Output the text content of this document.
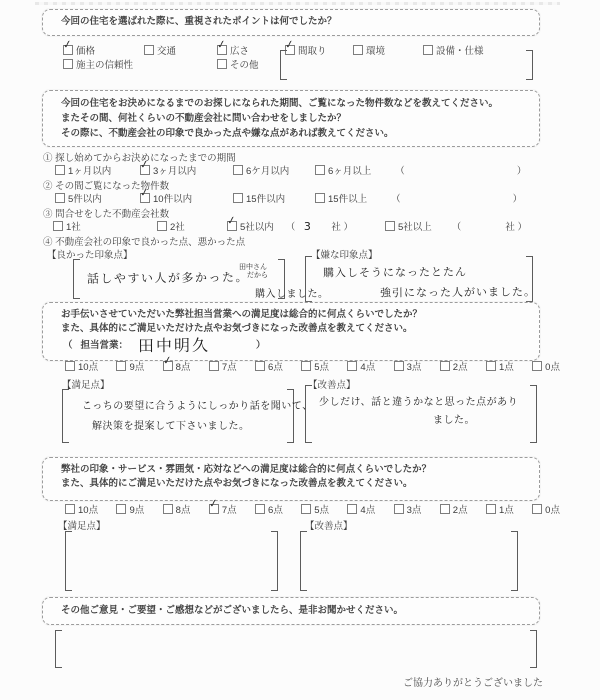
今回の住宅を選ばれた際に、重視されたポイントは何でしたか？
✓
価格	交通 ✓	広さ ✓	間取り	環境	設備・仕様
施主の信頼性	その他
今回の住宅をお決めになるまでのお探しになられた期間、ご覧になった物件数などを教えてください。
またその間、何社くらいの不動産会社に問い合わせをしましたか？
その際に、不動産会社の印象で良かった点や嫌な点があれば教えてください。
① 探し始めてからお決めになったまでの期間
1ヶ月以内 ✓	3ヶ月以内	6ケ月以内	6ヶ月以上	（	）
② その間ご覧になった物件数
5件以内 ✓	10件以内	15件以内	15件以上	（	）
③ 問合せをした不動産会社数
1社	2社 ✓	5社以内 （ 3	社 ）	5社以上 （	社 ）
④ 不動産会社の印象で良かった点、悪かった点
【良かった印象点】	【嫌な印象点】
話しやすい人が多かった。
田中さん
だから
購入しました。
購入しそうになったとたん
強引になった人がいました。
お手伝いさせていただいた弊社担当営業への満足度は総合的に何点くらいでしたか？
また、具体的にご満足いただけた点やお気づきになった改善点を教えてください。
（ 担当営業： 田中明久	）
10点	9点 ✓	8点	7点	6点	5点	4点	3点	2点	1点	0点
【満足点】	【改善点】
こっちの要望に合うようにしっかり話を聞いて、
解決策を提案して下さいました。
少しだけ、話と違うかなと思った点があり
ました。
弊社の印象・サービス・雰囲気・応対などへの満足度は総合的に何点くらいでしたか？
また、具体的にご満足いただけた点やお気づきになった改善点を教えてください。
10点	9点	8点 ✓	7点	6点	5点	4点	3点	2点	1点	0点
【満足点】	【改善点】
その他ご意見・ご要望・ご感想などがございましたら、是非お聞かせください。
ご協力ありがとうございました
